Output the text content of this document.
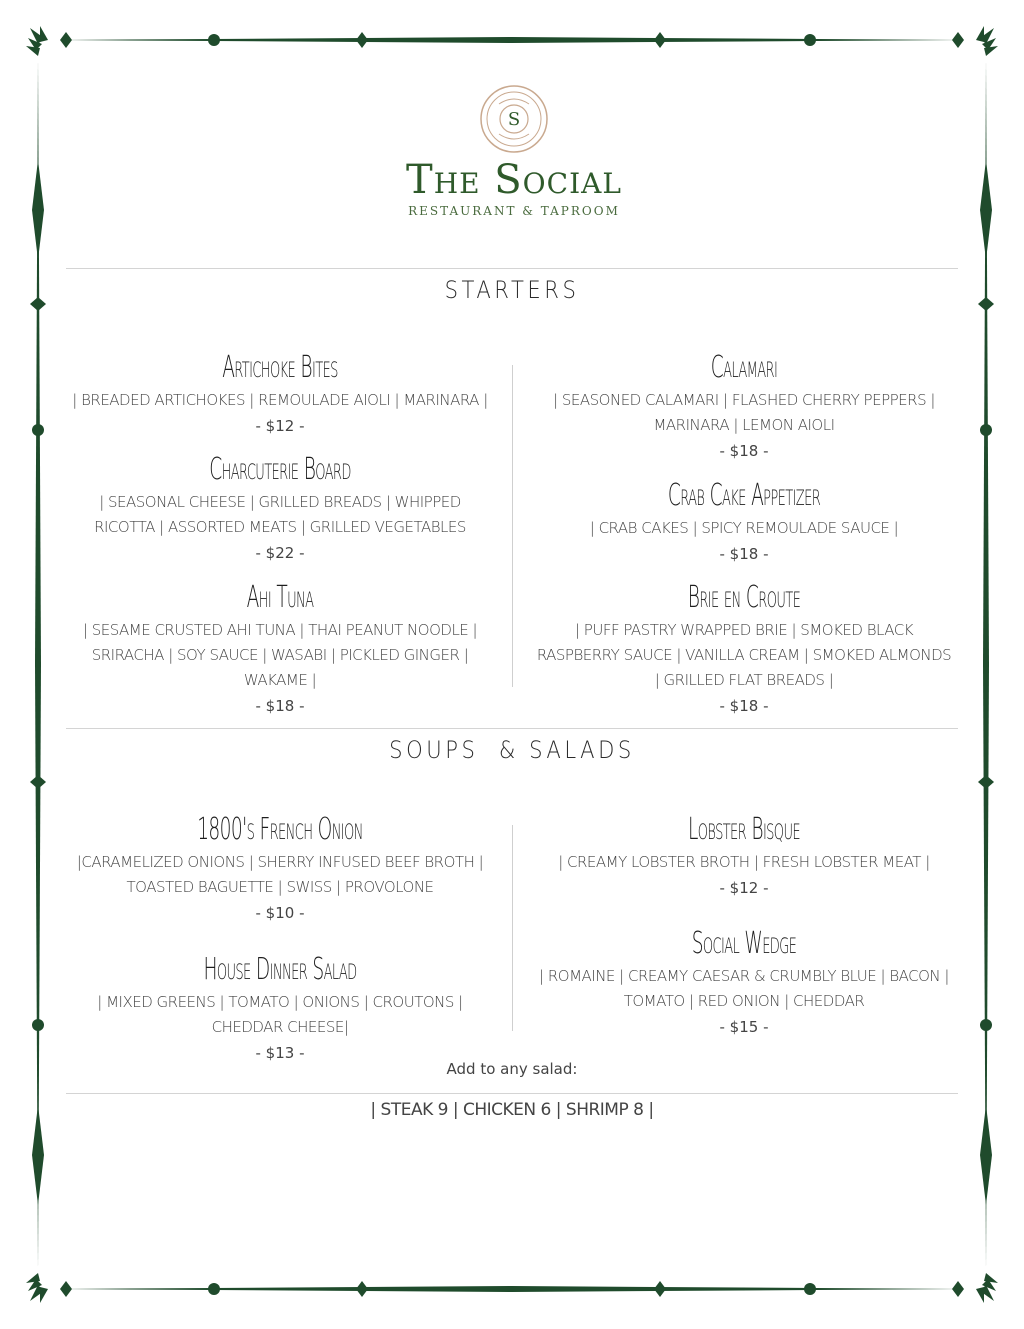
S
The Social
RESTAURANT & TAPROOM
STARTERS
Artichoke Bites
| BREADED ARTICHOKES | REMOULADE AIOLI | MARINARA |
- $12 -
Charcuterie Board
| SEASONAL CHEESE | GRILLED BREADS | WHIPPED RICOTTA | ASSORTED MEATS | GRILLED VEGETABLES
- $22 -
Ahi Tuna
| SESAME CRUSTED AHI TUNA | THAI PEANUT NOODLE | SRIRACHA | SOY SAUCE | WASABI | PICKLED GINGER | WAKAME |
- $18 -
Calamari
| SEASONED CALAMARI | FLASHED CHERRY PEPPERS | MARINARA | LEMON AIOLI
- $18 -
Crab Cake Appetizer
| CRAB CAKES | SPICY REMOULADE SAUCE |
- $18 -
Brie en Croute
| PUFF PASTRY WRAPPED BRIE | SMOKED BLACK RASPBERRY SAUCE | VANILLA CREAM | SMOKED ALMONDS | GRILLED FLAT BREADS |
- $18 -
SOUPS  & SALADS
1800's French Onion
|CARAMELIZED ONIONS | SHERRY INFUSED BEEF BROTH | TOASTED BAGUETTE | SWISS | PROVOLONE
- $10 -
House Dinner Salad
| MIXED GREENS | TOMATO | ONIONS | CROUTONS | CHEDDAR CHEESE|
- $13 -
Lobster Bisque
| CREAMY LOBSTER BROTH | FRESH LOBSTER MEAT |
- $12 -
Social Wedge
| ROMAINE | CREAMY CAESAR & CRUMBLY BLUE | BACON | TOMATO | RED ONION | CHEDDAR
- $15 -
Add to any salad:
| STEAK 9 | CHICKEN 6 | SHRIMP 8 |
